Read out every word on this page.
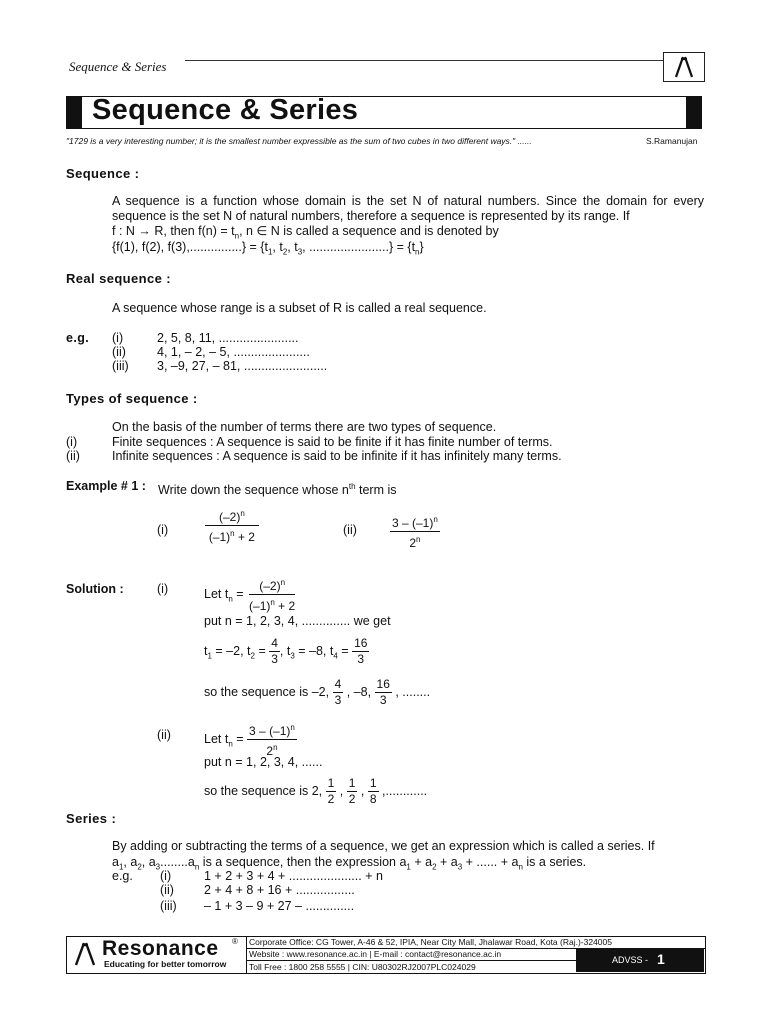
Sequence & Series
Sequence & Series
"1729 is a very interesting number; it is the smallest number expressible as the sum of two cubes in two different ways." ......	S.Ramanujan
Sequence :
A sequence is a function whose domain is the set N of natural numbers. Since the domain for every sequence is the set N of natural numbers, therefore a sequence is represented by its range. If
f : N → R, then $f(n) = t_n$, n ∈ N is called a sequence and is denoted by
{f(1), f(2), $f(3),...............\} = \{t_1$, $t_2$, $t_3$, .......................} = $\{t_n\}$
Real sequence :
A sequence whose range is a subset of R is called a real sequence.
e.g. (i)	2, 5, 8, 11, .......................
(ii) 4, 1, – 2, – 5, ......................
(iii) 3, –9, 27, – 81, ........................
Types of sequence :
On the basis of the number of terms there are two types of sequence.
(i)	Finite sequences : A sequence is said to be finite if it has finite number of terms.
(ii)	Infinite sequences : A sequence is said to be infinite if it has infinitely many terms.
Example # 1 : Write down the sequence whose $n^{th}$ term is
(i)	$\frac{(-2)^n}{(-1)^n + 2}$	(ii)	$\frac{3 - (-1)^n}{2^n}$
Solution :	(i)	Let $t_n = \frac{(-2)^n}{(-1)^n + 2}$
put n = 1, 2, 3, 4, .............. we get
$t_1 = -2$, $t_2 = \frac{4}{3}$ , $t_3 = -8$, $t_4 = \frac{16}{3}$
so the sequence is –2, $\frac{4}{3}$ , –8, $\frac{16}{3}$ , ........
(ii)	Let $t_n = \frac{3 - (-1)^n}{2^n}$
put n = 1, 2, 3, 4, ......
so the sequence is 2, $\frac{1}{2}$ , $\frac{1}{2}$ , $\frac{1}{8}$ ,............
Series :
By adding or subtracting the terms of a sequence, we get an expression which is called a series. If
$a_1$, $a_2$, $a_3........a_n$ is a sequence, then the expression $a_1 + a_2 + a_3$ + ...... + $a_n$ is a series.
e.g. (i)	1 + 2 + 3 + 4 + ..................... + n
(ii) 2 + 4 + 8 + 16 + .................
(iii) – 1 + 3 – 9 + 27 – ..............
Resonance ®
Educating for better tomorrow
Corporate Office: CG Tower, A-46 & 52, IPIA, Near City Mall, Jhalawar Road, Kota (Raj.)-324005
Website : www.resonance.ac.in | E-mail : contact@resonance.ac.in
Toll Free : 1800 258 5555 | CIN: U80302RJ2007PLC024029
ADVSS - 1
